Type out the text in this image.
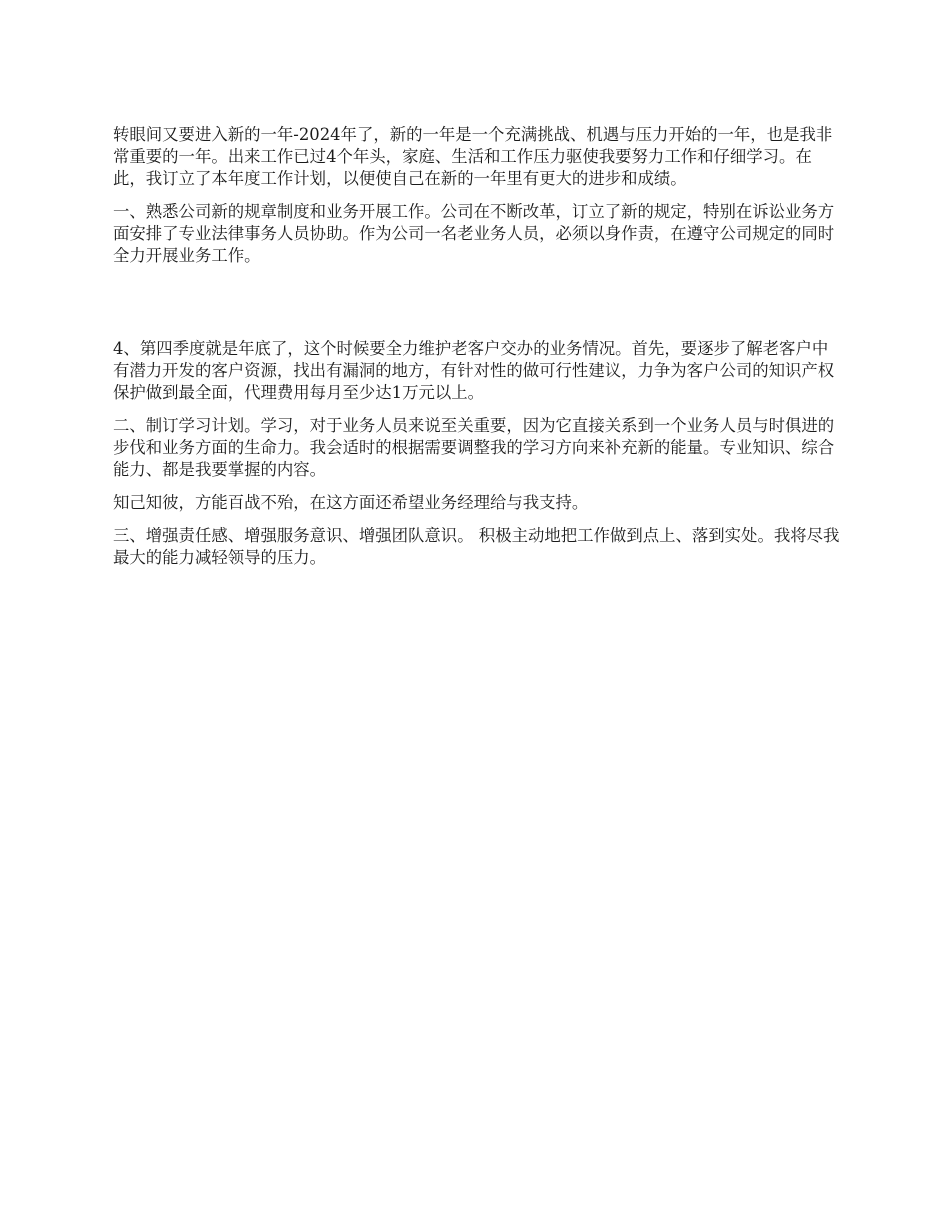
转眼间又要进入新的一年-2024年了，新的一年是一个充满挑战、机遇与压力开始的一年，也是我非常重要的一年。出来工作已过4个年头，家庭、生活和工作压力驱使我要努力工作和仔细学习。在此，我订立了本年度工作计划，以便使自己在新的一年里有更大的进步和成绩。

一、熟悉公司新的规章制度和业务开展工作。公司在不断改革，订立了新的规定，特别在诉讼业务方面安排了专业法律事务人员协助。作为公司一名老业务人员，必须以身作责，在遵守公司规定的同时全力开展业务工作。

4、第四季度就是年底了，这个时候要全力维护老客户交办的业务情况。首先，要逐步了解老客户中有潜力开发的客户资源，找出有漏洞的地方，有针对性的做可行性建议，力争为客户公司的知识产权保护做到最全面，代理费用每月至少达1万元以上。

二、制订学习计划。学习，对于业务人员来说至关重要，因为它直接关系到一个业务人员与时俱进的步伐和业务方面的生命力。我会适时的根据需要调整我的学习方向来补充新的能量。专业知识、综合能力、都是我要掌握的内容。

知己知彼，方能百战不殆，在这方面还希望业务经理给与我支持。

三、增强责任感、增强服务意识、增强团队意识。 积极主动地把工作做到点上、落到实处。我将尽我最大的能力减轻领导的压力。
